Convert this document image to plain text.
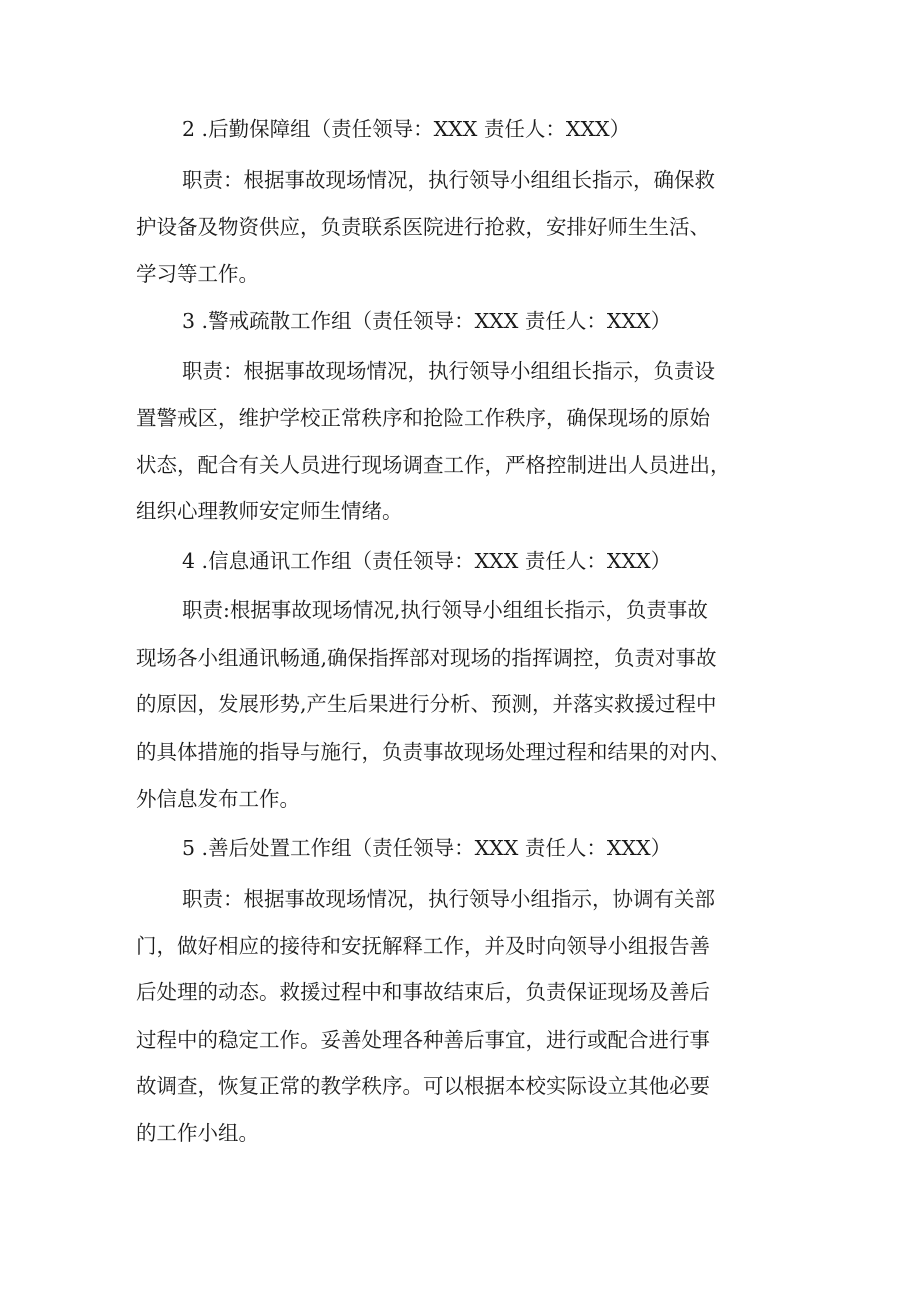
2 .后勤保障组（责任领导：XXX 责任人：XXX）

职责：根据事故现场情况，执行领导小组组长指示，确保救

护设备及物资供应，负责联系医院进行抢救，安排好师生生活、

学习等工作。

3 .警戒疏散工作组（责任领导：XXX 责任人：XXX）

职责：根据事故现场情况，执行领导小组组长指示，负责设

置警戒区，维护学校正常秩序和抢险工作秩序，确保现场的原始

状态，配合有关人员进行现场调查工作，严格控制进出人员进出，

组织心理教师安定师生情绪。

4 .信息通讯工作组（责任领导：XXX 责任人：XXX）

职责:根据事故现场情况,执行领导小组组长指示，负责事故

现场各小组通讯畅通,确保指挥部对现场的指挥调控，负责对事故

的原因，发展形势,产生后果进行分析、预测，并落实救援过程中

的具体措施的指导与施行，负责事故现场处理过程和结果的对内、

外信息发布工作。

5 .善后处置工作组（责任领导：XXX 责任人：XXX）

职责：根据事故现场情况，执行领导小组指示，协调有关部

门，做好相应的接待和安抚解释工作，并及时向领导小组报告善

后处理的动态。救援过程中和事故结束后，负责保证现场及善后

过程中的稳定工作。妥善处理各种善后事宜，进行或配合进行事

故调查，恢复正常的教学秩序。可以根据本校实际设立其他必要

的工作小组。
